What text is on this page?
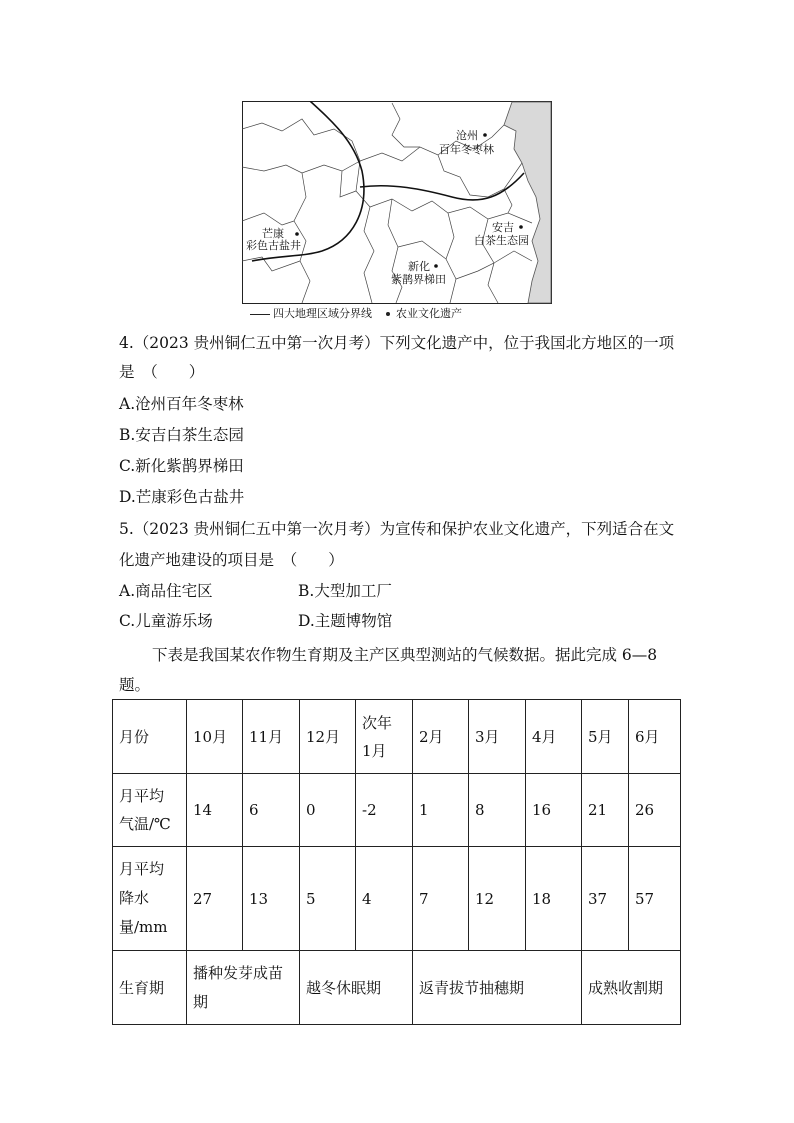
沧州
百年冬枣林
安吉
白茶生态园
芒康
彩色古盐井
新化
紫鹊界梯田
四大地理区域分界线 农业文化遗产
4.（2023 贵州铜仁五中第一次月考）下列文化遗产中，位于我国北方地区的一项
是　（　　）
A.沧州百年冬枣林
B.安吉白茶生态园
C.新化紫鹊界梯田
D.芒康彩色古盐井
5.（2023 贵州铜仁五中第一次月考）为宣传和保护农业文化遗产，下列适合在文
化遗产地建设的项目是　（　　）
A.商品住宅区	B.大型加工厂
C.儿童游乐场	D.主题博物馆
下表是我国某农作物生育期及主产区典型测站的气候数据。据此完成 6—8
题。
月份	10月	11月	12月	次年1月	2月	3月	4月	5月	6月
月平均气温/℃	14	6	0	-2	1	8	16	21	26
月平均降水量/mm	27	13	5	4	7	12	18	37	57
生育期	播种发芽成苗期		越冬休眠期		返青拔节抽穗期			成熟收割期	
